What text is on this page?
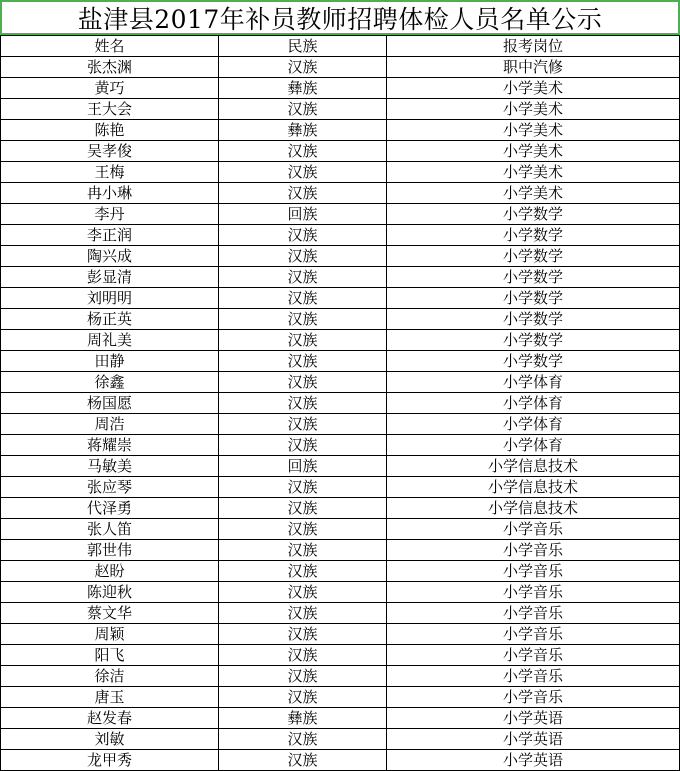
盐津县2017年补员教师招聘体检人员名单公示
姓名	民族	报考岗位
张杰渊	汉族	职中汽修
黄巧	彝族	小学美术
王大会	汉族	小学美术
陈艳	彝族	小学美术
吴孝俊	汉族	小学美术
王梅	汉族	小学美术
冉小琳	汉族	小学美术
李丹	回族	小学数学
李正润	汉族	小学数学
陶兴成	汉族	小学数学
彭显清	汉族	小学数学
刘明明	汉族	小学数学
杨正英	汉族	小学数学
周礼美	汉族	小学数学
田静	汉族	小学数学
徐鑫	汉族	小学体育
杨国愿	汉族	小学体育
周浩	汉族	小学体育
蒋耀崇	汉族	小学体育
马敏美	回族	小学信息技术
张应琴	汉族	小学信息技术
代泽勇	汉族	小学信息技术
张人笛	汉族	小学音乐
郭世伟	汉族	小学音乐
赵盼	汉族	小学音乐
陈迎秋	汉族	小学音乐
蔡文华	汉族	小学音乐
周颖	汉族	小学音乐
阳飞	汉族	小学音乐
徐洁	汉族	小学音乐
唐玉	汉族	小学音乐
赵发春	彝族	小学英语
刘敏	汉族	小学英语
龙甲秀	汉族	小学英语
